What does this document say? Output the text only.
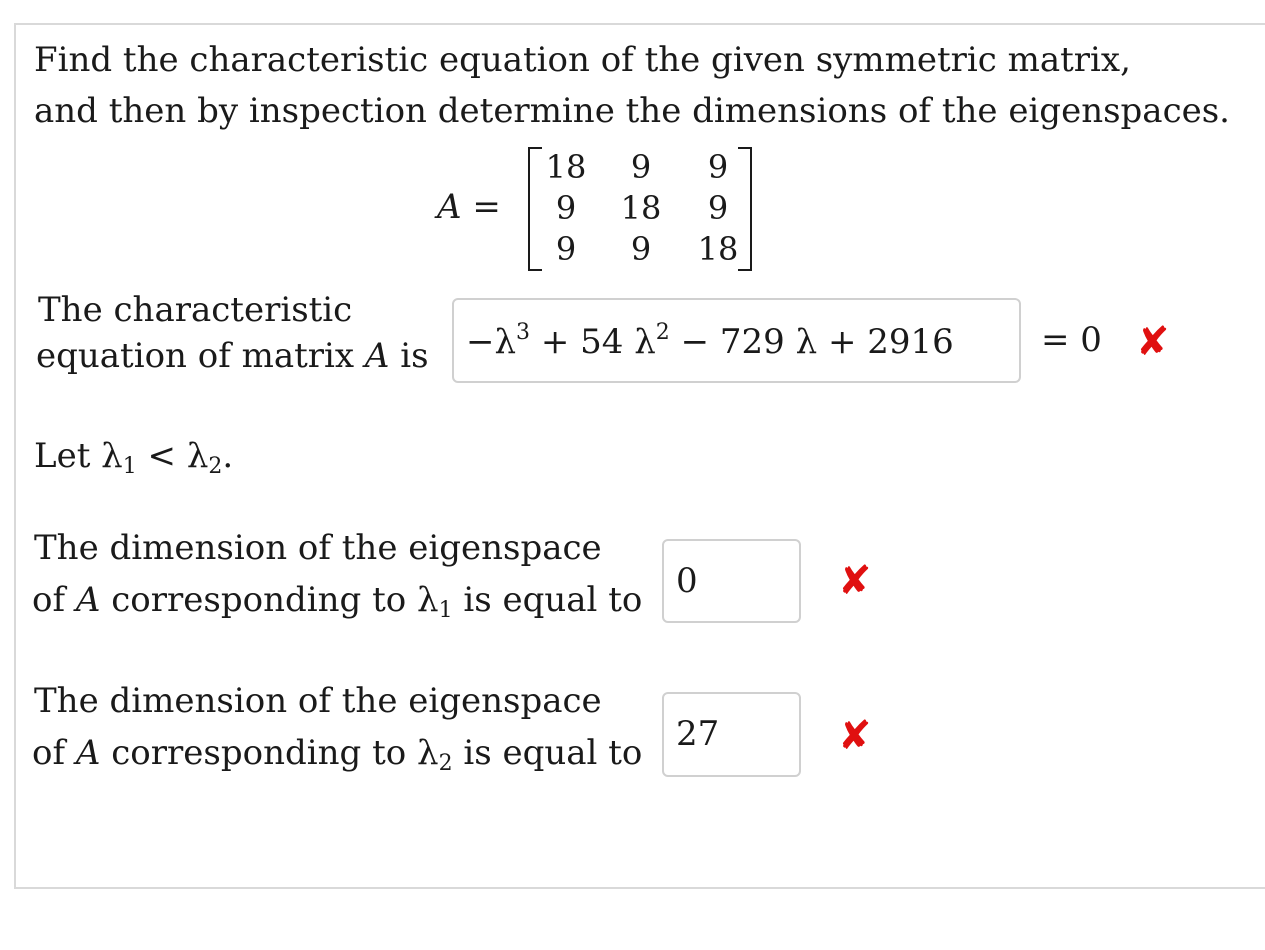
Find the characteristic equation of the given symmetric matrix,
and then by inspection determine the dimensions of the eigenspaces.
A =
18	9	9
9	18	9
9	9	18
The characteristic
equation of matrix A is	$-\lambda^3 + 54$ $\lambda^2 - 729$ λ + 2916	= 0 ✘
Let $\lambda_1 < \lambda_2$.
The dimension of the eigenspace
of A corresponding to $\lambda_1$ is equal to 0	✘
The dimension of the eigenspace
of A corresponding to $\lambda_2$ is equal to 27	✘
